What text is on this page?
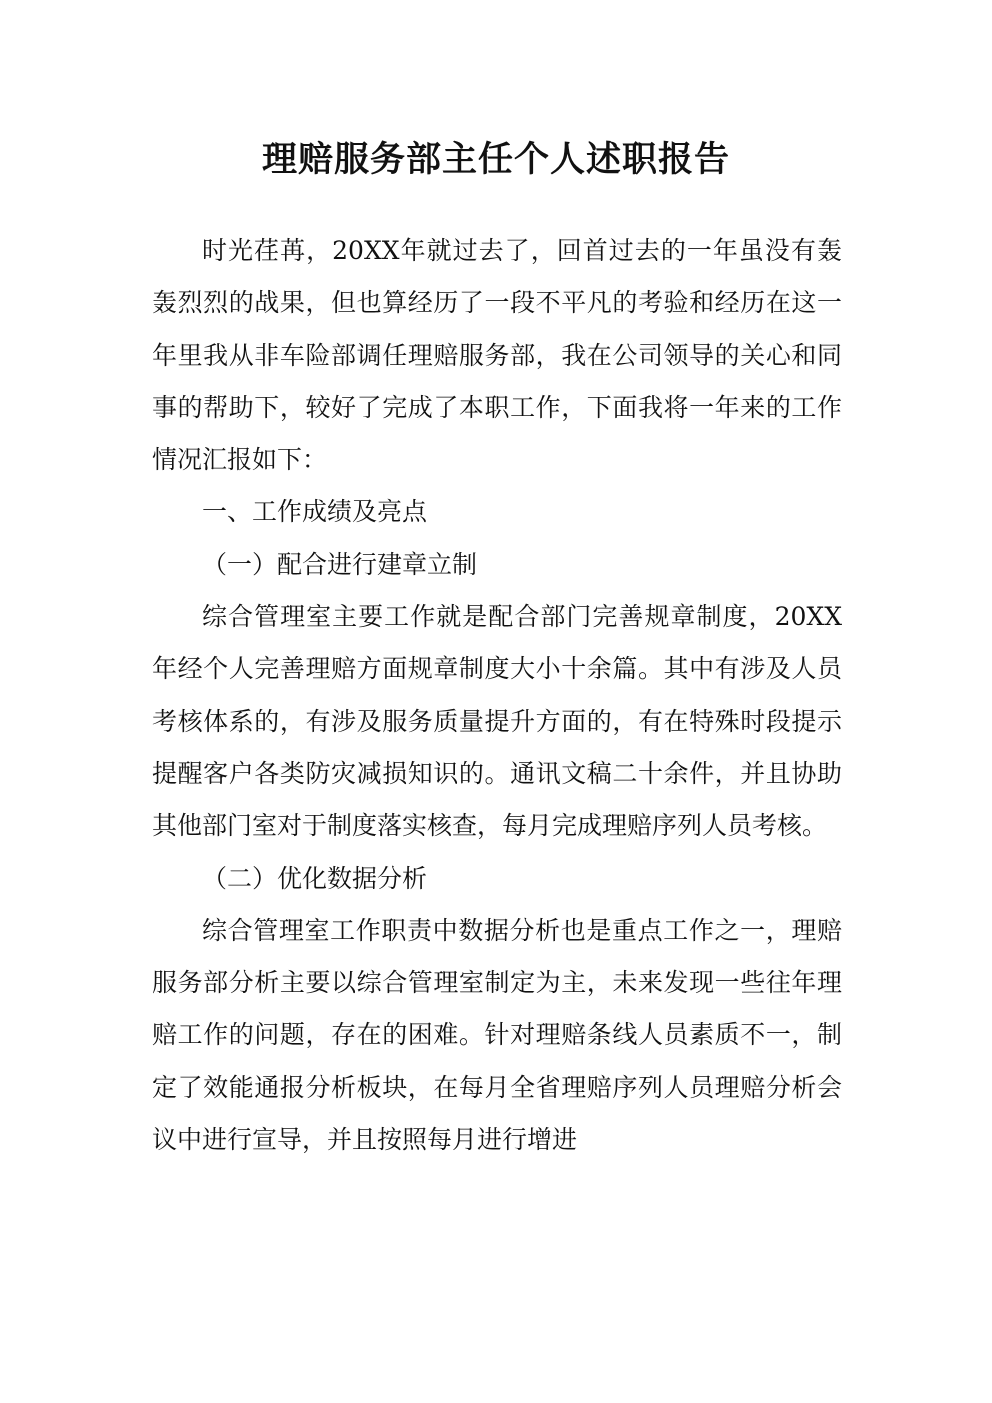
理赔服务部主任个人述职报告

时光荏苒，20XX年就过去了，回首过去的一年虽没有轰轰烈烈的战果，但也算经历了一段不平凡的考验和经历在这一年里我从非车险部调任理赔服务部，我在公司领导的关心和同事的帮助下，较好了完成了本职工作，下面我将一年来的工作情况汇报如下：

一、工作成绩及亮点

（一）配合进行建章立制

综合管理室主要工作就是配合部门完善规章制度，20XX年经个人完善理赔方面规章制度大小十余篇。其中有涉及人员考核体系的，有涉及服务质量提升方面的，有在特殊时段提示提醒客户各类防灾减损知识的。通讯文稿二十余件，并且协助其他部门室对于制度落实核查，每月完成理赔序列人员考核。

（二）优化数据分析

综合管理室工作职责中数据分析也是重点工作之一，理赔服务部分析主要以综合管理室制定为主，未来发现一些往年理赔工作的问题，存在的困难。针对理赔条线人员素质不一，制定了效能通报分析板块，在每月全省理赔序列人员理赔分析会议中进行宣导，并且按照每月进行增进
